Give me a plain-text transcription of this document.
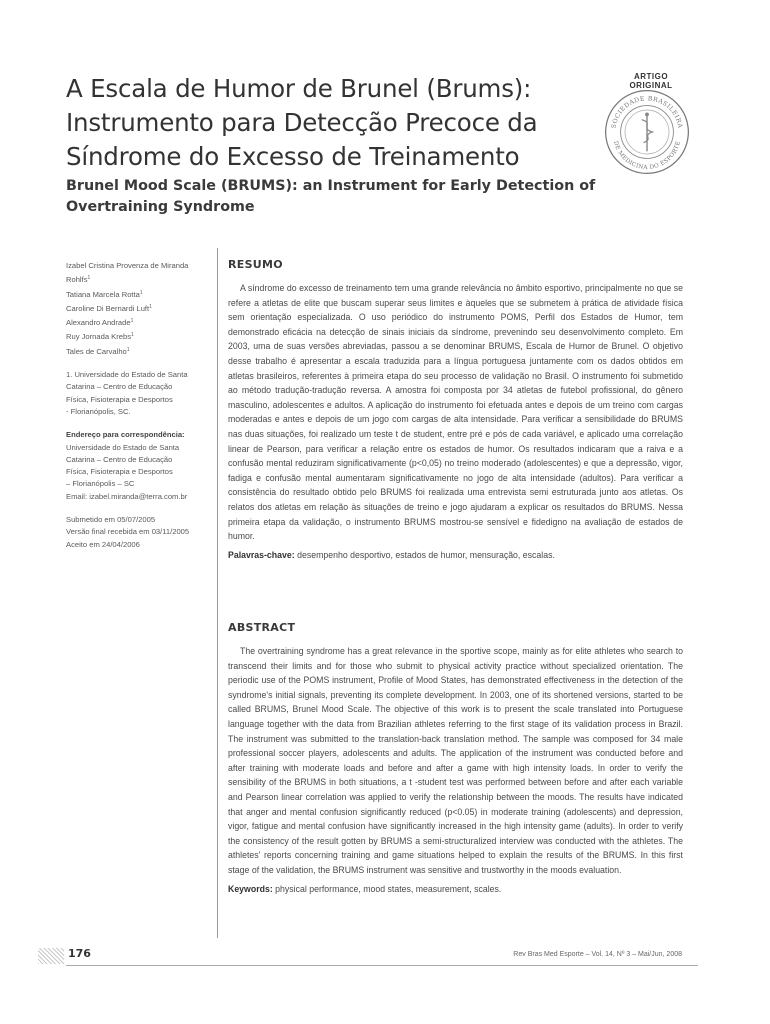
A Escala de Humor de Brunel (Brums):
Instrumento para Detecção Precoce da
Síndrome do Excesso de Treinamento
Brunel Mood Scale (BRUMS): an Instrument for Early Detection of
Overtraining Syndrome
ARTIGO ORIGINAL
SOCIEDADE BRASILEIRA
DE MEDICINA DO ESPORTE
Izabel Cristina Provenza de Miranda
Rohlfs$^1$
Tatiana Marcela Rotta$^1$
Caroline Di Bernardi Luft$^1$
Alexandro Andrade$^1$
Ruy Jornada Krebs$^1$
Tales de Carvalho$^1$
1. Universidade do Estado de Santa
Catarina – Centro de Educação
Física, Fisioterapia e Desportos
- Florianópolis, SC.
Endereço para correspondência:
Universidade do Estado de Santa
Catarina – Centro de Educação
Física, Fisioterapia e Desportos
– Florianópolis – SC
Email: izabel.miranda@terra.com.br
Submetido em 05/07/2005
Versão final recebida em 03/11/2005
Aceito em 24/04/2006
RESUMO

A síndrome do excesso de treinamento tem uma grande relevância no âmbito esportivo, principalmente no que se refere a atletas de elite que buscam superar seus limites e àqueles que se submetem à prática de atividade física sem orientação especializada. O uso periódico do instrumento POMS, Perfil dos Estados de Humor, tem demonstrado eficácia na detecção de sinais iniciais da síndrome, prevenindo seu desenvolvimento completo. Em 2003, uma de suas versões abreviadas, passou a se denominar BRUMS, Escala de Humor de Brunel. O objetivo desse trabalho é apresentar a escala traduzida para a língua portuguesa juntamente com os dados obtidos em atletas brasileiros, referentes à primeira etapa do seu processo de validação no Brasil. O instrumento foi submetido ao método tradução-tradução reversa. A amostra foi composta por 34 atletas de futebol profissional, do gênero masculino, adolescentes e adultos. A aplicação do instrumento foi efetuada antes e depois de um treino com cargas moderadas e antes e depois de um jogo com cargas de alta intensidade. Para verificar a sensibilidade do BRUMS nas duas situações, foi realizado um teste t de student, entre pré e pós de cada variável, e aplicado uma correlação linear de Pearson, para verificar a relação entre os estados de humor. Os resultados indicaram que a raiva e a confusão mental reduziram significativamente (p<0,05) no treino moderado (adolescentes) e que a depressão, vigor, fadiga e confusão mental aumentaram significativamente no jogo de alta intensidade (adultos). Para verificar a consistência do resultado obtido pelo BRUMS foi realizada uma entrevista semi estruturada junto aos atletas. Os relatos dos atletas em relação às situações de treino e jogo ajudaram a explicar os resultados do BRUMS. Nessa primeira etapa da validação, o instrumento BRUMS mostrou-se sensível e fidedigno na avaliação de estados de humor.

Palavras-chave: desempenho desportivo, estados de humor, mensuração, escalas.
ABSTRACT

The overtraining syndrome has a great relevance in the sportive scope, mainly as for elite athletes who search to transcend their limits and for those who submit to physical activity practice without specialized orientation. The periodic use of the POMS instrument, Profile of Mood States, has demonstrated effectiveness in the detection of the syndrome's initial signals, preventing its complete development. In 2003, one of its shortened versions, started to be called BRUMS, Brunel Mood Scale. The objective of this work is to present the scale translated into Portuguese language together with the data from Brazilian athletes referring to the first stage of its validation process in Brazil. The instrument was submitted to the translation-back translation method. The sample was composed for 34 male professional soccer players, adolescents and adults. The application of the instrument was conducted before and after training with moderate loads and before and after a game with high intensity loads. In order to verify the sensibility of the BRUMS in both situations, a t -student test was performed between before and after each variable and Pearson linear correlation was applied to verify the relationship between the moods. The results have indicated that anger and mental confusion significantly reduced (p<0.05) in moderate training (adolescents) and depression, vigor, fatigue and mental confusion have significantly increased in the high intensity game (adults). In order to verify the consistency of the result gotten by BRUMS a semi-structuralized interview was conducted with the athletes. The athletes' reports concerning training and game situations helped to explain the results of the BRUMS. In this first stage of the validation, the BRUMS instrument was sensitive and trustworthy in the moods evaluation.

Keywords: physical performance, mood states, measurement, scales.
176	Rev Bras Med Esporte – Vol. 14, Nº 3 – Mai/Jun, 2008
